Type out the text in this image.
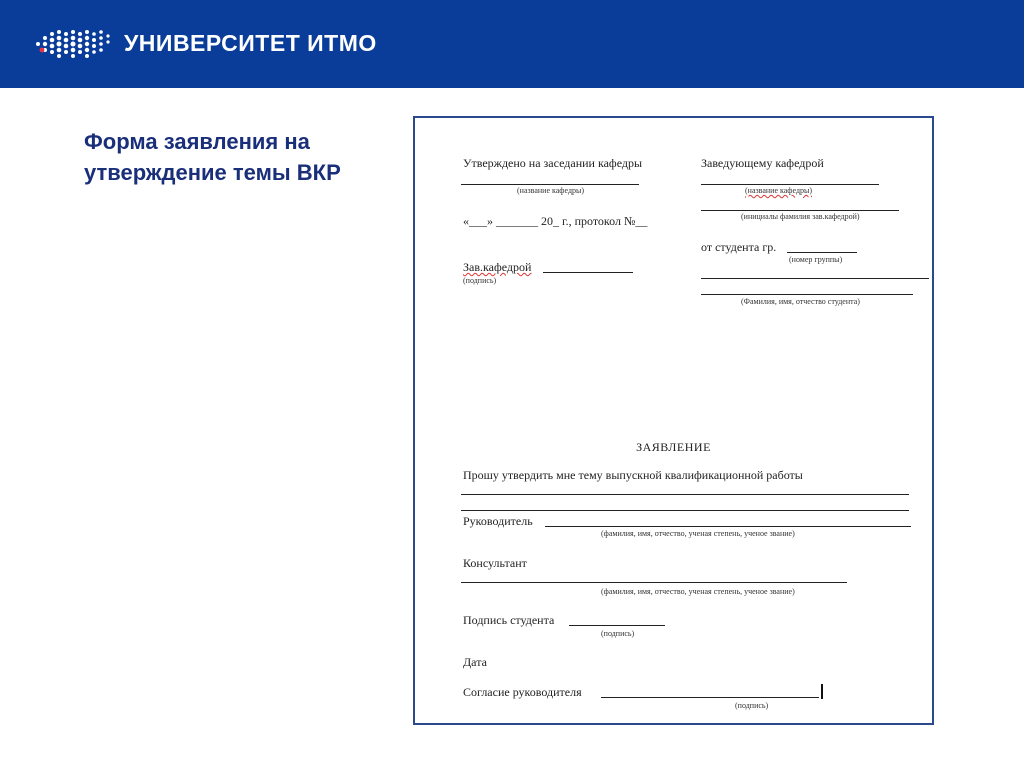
УНИВЕРСИТЕТ ИТМО
Форма заявления на утверждение темы ВКР	Утверждено на заседании кафедры
(название кафедры)
«___» _______ 20_ г., протокол №__
Зав.кафедрой
(подпись)
Заведующему кафедрой
(название кафедры)
(инициалы фамилия зав.кафедрой)
от студента гр.
(номер группы)
(Фамилия, имя, отчество студента)
ЗАЯВЛЕНИЕ
Прошу утвердить мне тему выпускной квалификационной работы
Руководитель
(фамилия, имя, отчество, ученая степень, ученое звание)
Консультант
(фамилия, имя, отчество, ученая степень, ученое звание)
Подпись студента
(подпись)
Дата
Согласие руководителя
(подпись)
